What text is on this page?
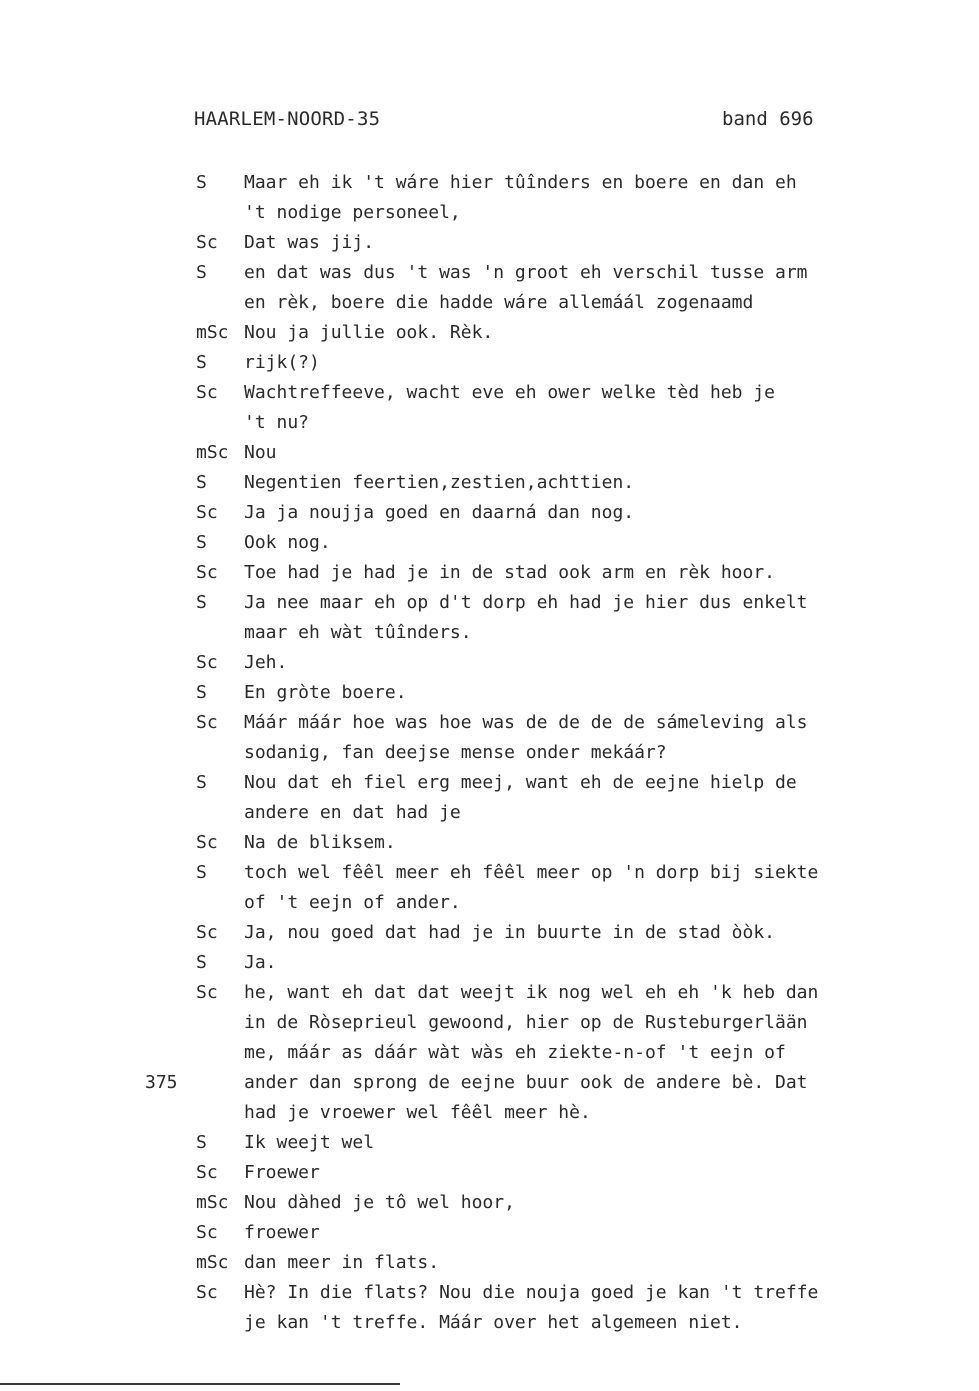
HAARLEM-NOORD-35	band 696
S Maar eh ik 't wáre hier tûînders en boere en dan eh
't nodige personeel,
Sc Dat was jij.
S en dat was dus 't was 'n groot eh verschil tusse arm
en rèk, boere die hadde wáre allemáál zogenaamd
mSc Nou ja jullie ook. Rèk.
S rijk(?)
Sc Wachtreffeeve, wacht eve eh ower welke tèd heb je
't nu?
mSc Nou
S Negentien feertien,zestien,achttien.
Sc Ja ja noujja goed en daarná dan nog.
S Ook nog.
Sc Toe had je had je in de stad ook arm en rèk hoor.
S Ja nee maar eh op d't dorp eh had je hier dus enkelt
maar eh wàt tûînders.
Sc Jeh.
S En gròte boere.
Sc Máár máár hoe was hoe was de de de de sámeleving als
sodanig, fan deejse mense onder mekáár?
S Nou dat eh fiel erg meej, want eh de eejne hielp de
andere en dat had je
Sc Na de bliksem.
S toch wel fêêl meer eh fêêl meer op 'n dorp bij siekte
of 't eejn of ander.
Sc Ja, nou goed dat had je in buurte in de stad òòk.
S Ja.
Sc he, want eh dat dat weejt ik nog wel eh eh 'k heb dan
in de Ròseprieul gewoond, hier op de Rusteburgerlään
me, máár as dáár wàt wàs eh ziekte-n-of 't eejn of
ander dan sprong de eejne buur ook de andere bè. Dat
had je vroewer wel fêêl meer hè.
S Ik weejt wel
Sc Froewer
mSc Nou dàhed je tô wel hoor,
Sc froewer
mSc dan meer in flats.
Sc Hè? In die flats? Nou die nouja goed je kan 't treffe
je kan 't treffe. Máár over het algemeen niet.
375
